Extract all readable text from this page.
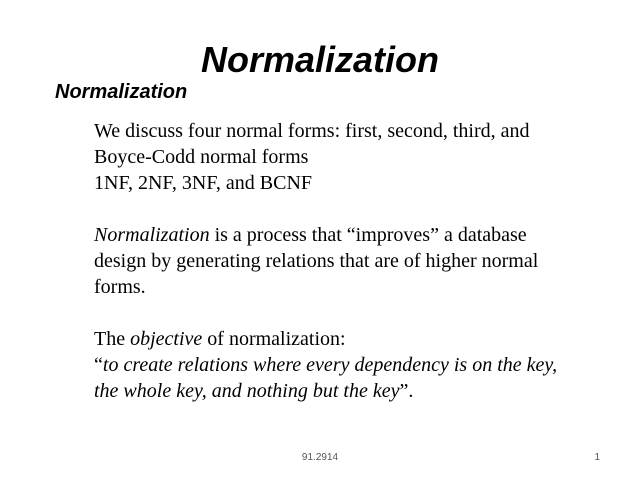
Normalization
Normalization
We discuss four normal forms: first, second, third, and
Boyce-Codd normal forms
1NF, 2NF, 3NF, and BCNF
Normalization is a process that “improves” a database
design by generating relations that are of higher normal
forms.
The objective of normalization:
“to create relations where every dependency is on the key,
the whole key, and nothing but the key”.
91.2914	1
